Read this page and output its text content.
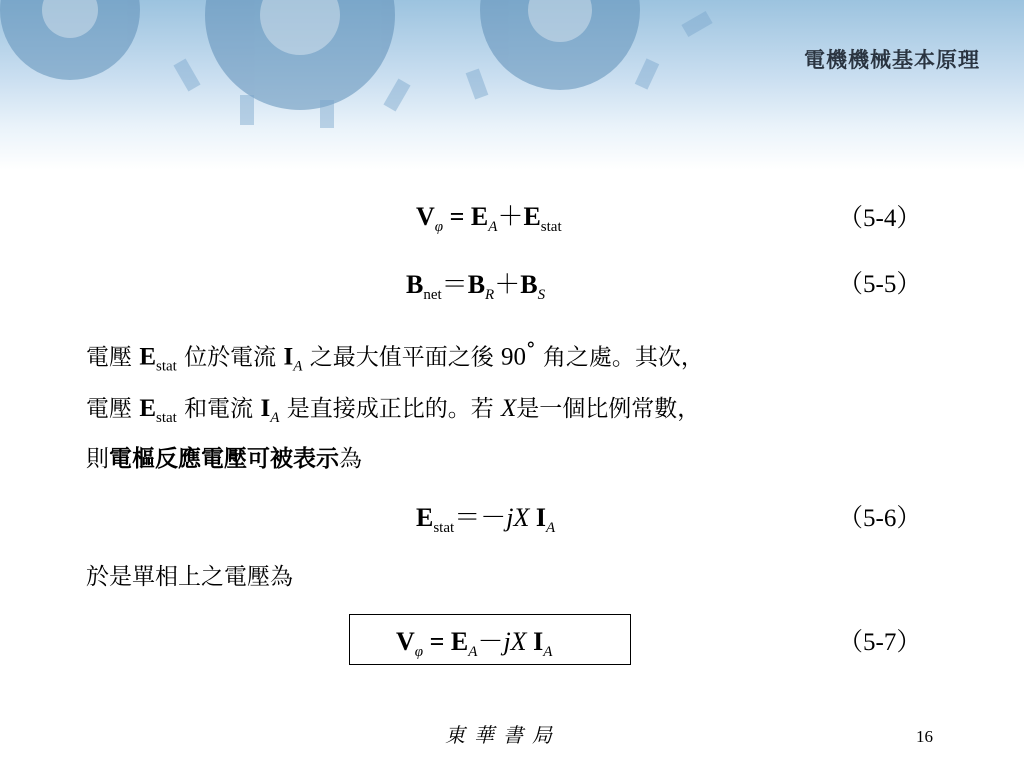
電機機械基本原理
$V_\varphi = E_A+E_{stat}$	（5-4）
$B_{net}=B_R+B_S$	（5-5）
電壓 $E_{stat}$ 位於電流 $I_A$ 之最大值平面之後 90° 角之處。其次，
電壓 $E_{stat}$ 和電流 $I_A$ 是直接成正比的。若 X是一個比例常數，
則電樞反應電壓可被表示為
$E_{stat}=-jX$ $I_A$	（5-6）
於是單相上之電壓為
$V_\varphi = E_A-jX$ $I_A$	（5-7）
東華書局	16
